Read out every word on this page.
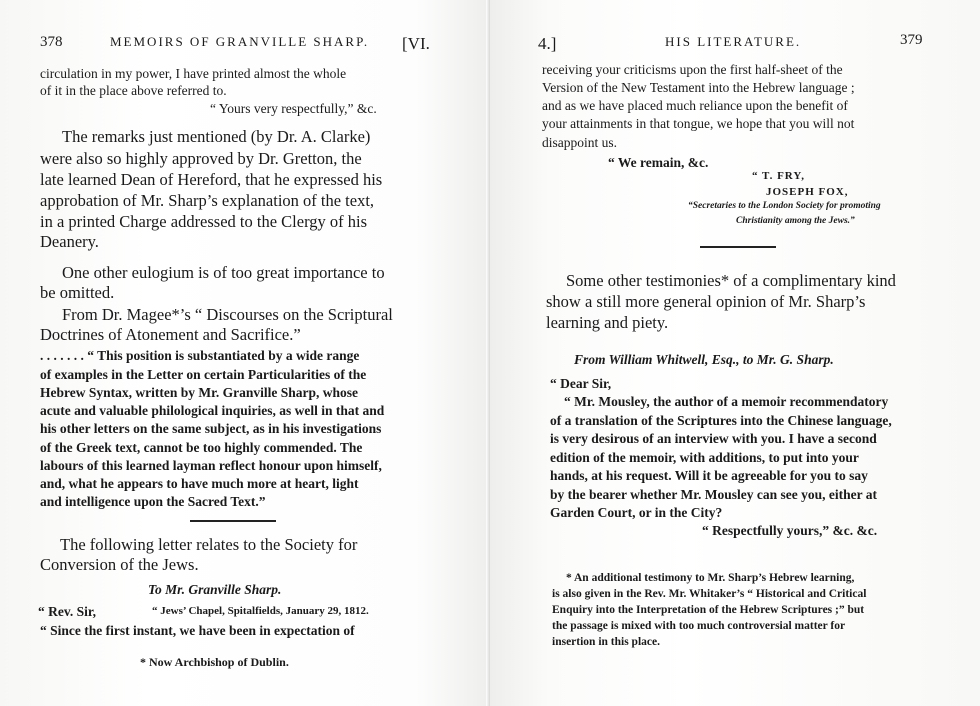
378	MEMOIRS OF GRANVILLE SHARP. [VI.
circulation in my power, I have printed almost the whole
of it in the place above referred to.
“ Yours very respectfully,” &c.
The remarks just mentioned (by Dr. A. Clarke)
were also so highly approved by Dr. Gretton, the
late learned Dean of Hereford, that he expressed his
approbation of Mr. Sharp’s explanation of the text,
in a printed Charge addressed to the Clergy of his
Deanery.
One other eulogium is of too great importance to
be omitted.
From Dr. Magee*’s “ Discourses on the Scriptural
Doctrines of Atonement and Sacrifice.”
. . . . . . . “ This position is substantiated by a wide range
of examples in the Letter on certain Particularities of the
Hebrew Syntax, written by Mr. Granville Sharp, whose
acute and valuable philological inquiries, as well in that and
his other letters on the same subject, as in his investigations
of the Greek text, cannot be too highly commended. The
labours of this learned layman reflect honour upon himself,
and, what he appears to have much more at heart, light
and intelligence upon the Sacred Text.”
The following letter relates to the Society for
Conversion of the Jews.
To Mr. Granville Sharp.
“ Rev. Sir,	“ Jews’ Chapel, Spitalfields, January 29, 1812.
“ Since the first instant, we have been in expectation of
* Now Archbishop of Dublin.
4.]	HIS LITERATURE.	379
receiving your criticisms upon the first half-sheet of the
Version of the New Testament into the Hebrew language ;
and as we have placed much reliance upon the benefit of
your attainments in that tongue, we hope that you will not
disappoint us.
“ We remain, &c.
“ T. FRY,
JOSEPH FOX,
“Secretaries to the London Society for promoting
Christianity among the Jews.”
Some other testimonies* of a complimentary kind
show a still more general opinion of Mr. Sharp’s
learning and piety.
From William Whitwell, Esq., to Mr. G. Sharp.
“ Dear Sir,
“ Mr. Mousley, the author of a memoir recommendatory
of a translation of the Scriptures into the Chinese language,
is very desirous of an interview with you. I have a second
edition of the memoir, with additions, to put into your
hands, at his request. Will it be agreeable for you to say
by the bearer whether Mr. Mousley can see you, either at
Garden Court, or in the City?
“ Respectfully yours,” &c. &c.
* An additional testimony to Mr. Sharp’s Hebrew learning,
is also given in the Rev. Mr. Whitaker’s “ Historical and Critical
Enquiry into the Interpretation of the Hebrew Scriptures ;” but
the passage is mixed with too much controversial matter for
insertion in this place.
